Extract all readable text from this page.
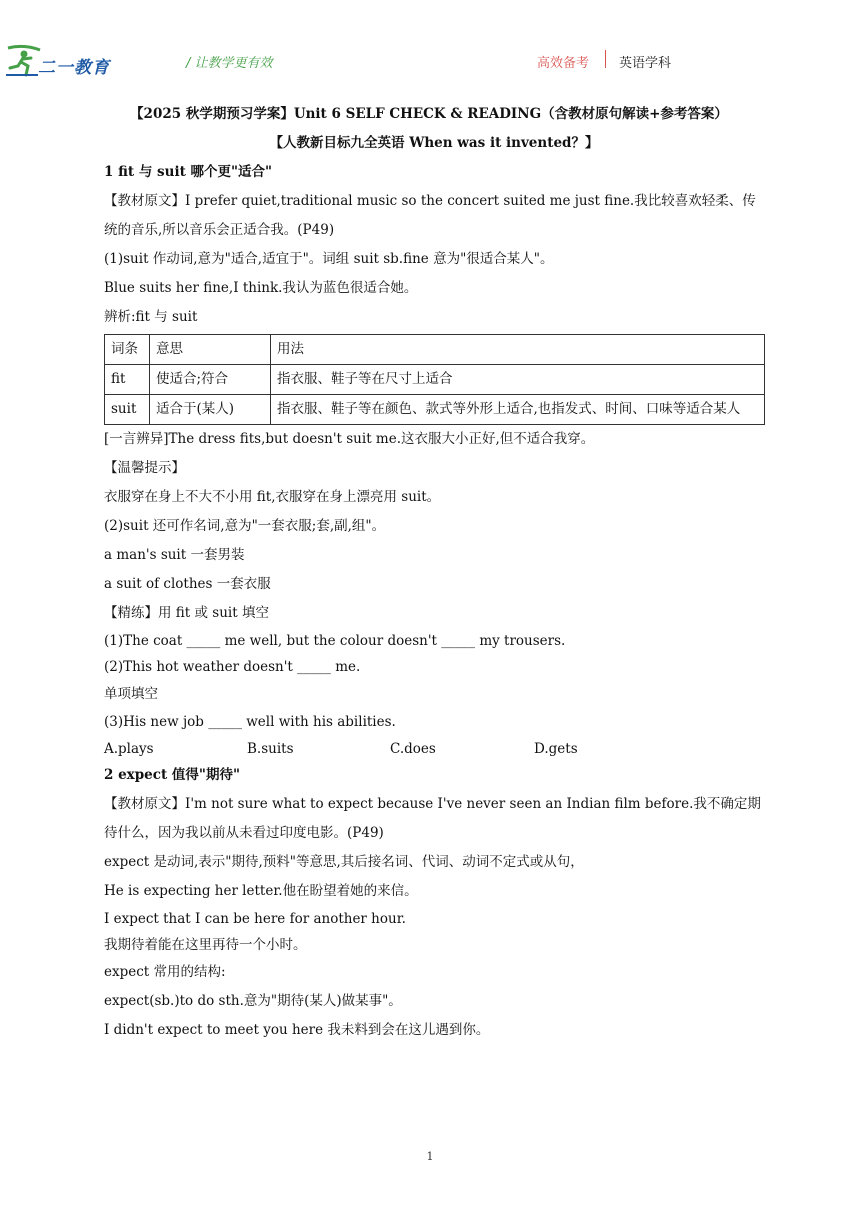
二一教育	/ 让教学更有效	高效备考 英语学科
【2025 秋学期预习学案】Unit 6 SELF CHECK & READING（含教材原句解读+参考答案）
【人教新目标九全英语 When was it invented？】
1 fit 与 suit 哪个更"适合"
【教材原文】I prefer quiet,traditional music so the concert suited me just fine.我比较喜欢轻柔、传统的音乐,所以音乐会正适合我。(P49)
(1)suit 作动词,意为"适合,适宜于"。词组 suit sb.fine 意为"很适合某人"。
Blue suits her fine,I think.我认为蓝色很适合她。
辨析:fit 与 suit
词条	意思	用法
fit	使适合;符合	指衣服、鞋子等在尺寸上适合
suit	适合于(某人)	指衣服、鞋子等在颜色、款式等外形上适合,也指发式、时间、口味等适合某人
[一言辨异]The dress fits,but doesn't suit me.这衣服大小正好,但不适合我穿。
【温馨提示】
衣服穿在身上不大不小用 fit,衣服穿在身上漂亮用 suit。
(2)suit 还可作名词,意为"一套衣服;套,副,组"。
a man's suit 一套男装
a suit of clothes 一套衣服
【精练】用 fit 或 suit 填空
(1)The coat _____ me well, but the colour doesn't _____ my trousers.
(2)This hot weather doesn't _____ me.
单项填空
(3)His new job _____ well with his abilities.
A.plays	B.suits	C.does	D.gets
2 expect 值得"期待"
【教材原文】I'm not sure what to expect because I've never seen an Indian film before.我不确定期待什么，因为我以前从未看过印度电影。(P49)
expect 是动词,表示"期待,预料"等意思,其后接名词、代词、动词不定式或从句，
He is expecting her letter.他在盼望着她的来信。
I expect that I can be here for another hour.
我期待着能在这里再待一个小时。
expect 常用的结构:
expect(sb.)to do sth.意为"期待(某人)做某事"。
I didn't expect to meet you here 我未料到会在这儿遇到你。
1
